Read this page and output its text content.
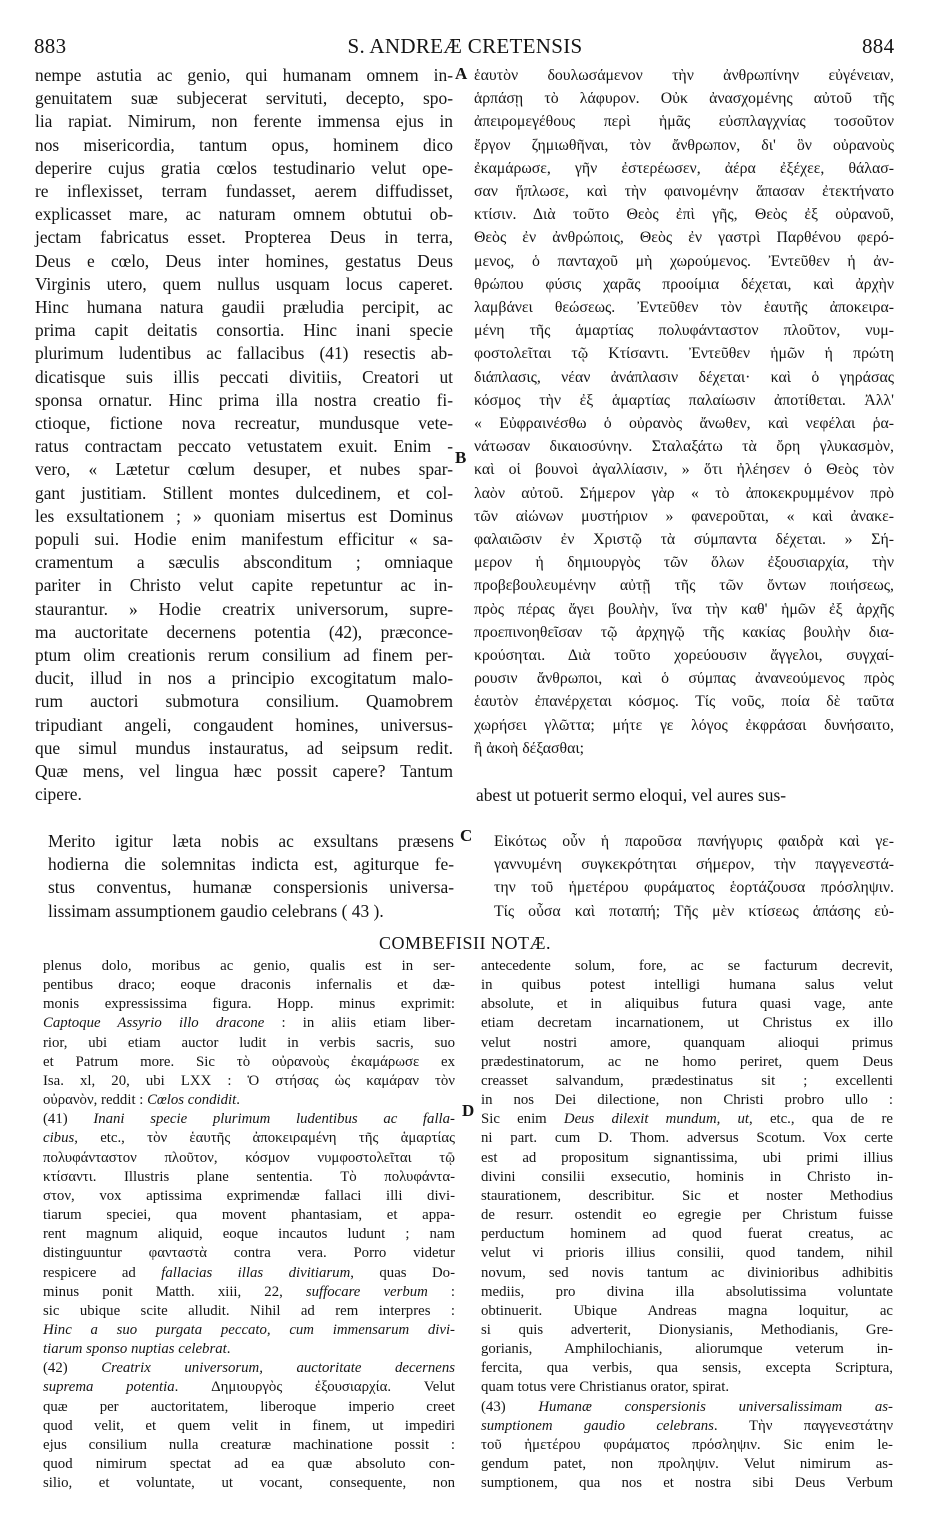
883	S. ANDREÆ CRETENSIS	884
A
B
C
D
nempe astutia ac genio, qui humanam omnem in-
genuitatem suæ subjecerat servituti, decepto, spo-
lia rapiat. Nimirum, non ferente immensa ejus in
nos misericordia, tantum opus, hominem dico
deperire cujus gratia cœlos testudinario velut ope-
re inflexisset, terram fundasset, aerem diffudisset,
explicasset mare, ac naturam omnem obtutui ob-
jectam fabricatus esset. Propterea Deus in terra,
Deus e cœlo, Deus inter homines, gestatus Deus
Virginis utero, quem nullus usquam locus caperet.
Hinc humana natura gaudii præludia percipit, ac
prima capit deitatis consortia. Hinc inani specie
plurimum ludentibus ac fallacibus (41) resectis ab-
dicatisque suis illis peccati divitiis, Creatori ut
sponsa ornatur. Hinc prima illa nostra creatio fi-
ctioque, fictione nova recreatur, mundusque vete-
ratus contractam peccato vetustatem exuit. Enim -
vero, « Lætetur cœlum desuper, et nubes spar-
gant justitiam. Stillent montes dulcedinem, et col-
les exsultationem ; » quoniam misertus est Dominus
populi sui. Hodie enim manifestum efficitur « sa-
cramentum a sæculis absconditum ; omniaque
pariter in Christo velut capite repetuntur ac in-
staurantur. » Hodie creatrix universorum, supre-
ma auctoritate decernens potentia (42), præconce-
ptum olim creationis rerum consilium ad finem per-
ducit, illud in nos a principio excogitatum malo-
rum auctori submotura consilium. Quamobrem
tripudiant angeli, congaudent homines, universus-
que simul mundus instauratus, ad seipsum redit.
Quæ mens, vel lingua hæc possit capere? Tantum
cipere.
ἑαυτὸν δουλωσάμενον τὴν ἀνθρωπίνην εὐγένειαν,
ἁρπάσῃ τὸ λάφυρον. Οὐκ ἀνασχομένης αὐτοῦ τῆς
ἀπειρομεγέθους περὶ ἡμᾶς εὐσπλαγχνίας τοσοῦτον
ἔργον ζημιωθῆναι, τὸν ἄνθρωπον, δι' ὃν οὐρανοὺς
ἐκαμάρωσε, γῆν ἐστερέωσεν, ἀέρα ἐξέχεε, θάλασ-
σαν ἥπλωσε, καὶ τὴν φαινομένην ἅπασαν ἐτεκτήνατο
κτίσιν. Διὰ τοῦτο Θεὸς ἐπὶ γῆς, Θεὸς ἐξ οὐρανοῦ,
Θεὸς ἐν ἀνθρώποις, Θεὸς ἐν γαστρὶ Παρθένου φερό-
μενος, ὁ πανταχοῦ μὴ χωρούμενος. Ἐντεῦθεν ἡ ἀν-
θρώπου φύσις χαρᾶς προοίμια δέχεται, καὶ ἀρχὴν
λαμβάνει θεώσεως. Ἐντεῦθεν τὸν ἑαυτῆς ἀποκειρα-
μένη τῆς ἁμαρτίας πολυφάνταστον πλοῦτον, νυμ-
φοστολεῖται τῷ Κτίσαντι. Ἐντεῦθεν ἡμῶν ἡ πρώτη
διάπλασις, νέαν ἀνάπλασιν δέχεται· καὶ ὁ γηράσας
κόσμος τὴν ἐξ ἁμαρτίας παλαίωσιν ἀποτίθεται. Ἀλλ'
« Εὐφραινέσθω ὁ οὐρανὸς ἄνωθεν, καὶ νεφέλαι ῥα-
νάτωσαν δικαιοσύνην. Σταλαξάτω τὰ ὄρη γλυκασμὸν,
καὶ οἱ βουνοὶ ἀγαλλίασιν, » ὅτι ἠλέησεν ὁ Θεὸς τὸν
λαὸν αὐτοῦ. Σήμερον γὰρ « τὸ ἀποκεκρυμμένον πρὸ
τῶν αἰώνων μυστήριον » φανεροῦται, « καὶ ἀνακε-
φαλαιῶσιν ἐν Χριστῷ τὰ σύμπαντα δέχεται. » Σή-
μερον ἡ δημιουργὸς τῶν ὅλων ἐξουσιαρχία, τὴν
προβεβουλευμένην αὐτῇ τῆς τῶν ὄντων ποιήσεως,
πρὸς πέρας ἄγει βουλὴν, ἵνα τὴν καθ' ἡμῶν ἐξ ἀρχῆς
προεπινοηθεῖσαν τῷ ἀρχηγῷ τῆς κακίας βουλὴν δια-
κρούσηται. Διὰ τοῦτο χορεύουσιν ἄγγελοι, συγχαί-
ρουσιν ἄνθρωποι, καὶ ὁ σύμπας ἀνανεούμενος πρὸς
ἑαυτὸν ἐπανέρχεται κόσμος. Τίς νοῦς, ποία δὲ ταῦτα
χωρήσει γλῶττα; μήτε γε λόγος ἐκφράσαι δυνήσαιτο,
ἢ ἀκοὴ δέξασθαι;
abest ut potuerit sermo eloqui, vel aures sus-
Merito igitur læta nobis ac exsultans præsens
hodierna die solemnitas indicta est, agiturque fe-
stus conventus, humanæ conspersionis universa-
lissimam assumptionem gaudio celebrans ( 43 ).
Εἰκότως οὖν ἡ παροῦσα πανήγυρις φαιδρὰ καὶ γε-
γαννυμένη συγκεκρότηται σήμερον, τὴν παγγενεστά-
την τοῦ ἡμετέρου φυράματος ἑορτάζουσα πρόσληψιν.
Τίς οὖσα καὶ ποταπή; Τῆς μὲν κτίσεως ἁπάσης εὐ-
COMBEFISII NOTÆ.
plenus dolo, moribus ac genio, qualis est in ser-
pentibus draco; eoque draconis infernalis et dæ-
monis expressissima figura. Hopp. minus exprimit:
Captoque Assyrio illo dracone : in aliis etiam liber-
rior, ubi etiam auctor ludit in verbis sacris, suo
et Patrum more. Sic τὸ οὐρανοὺς ἐκαμάρωσε ex
Isa. xl, 20, ubi LXX : Ὁ στήσας ὡς καμάραν τὸν
οὐρανὸν, reddit : Cœlos condidit.
(41) Inani specie plurimum ludentibus ac falla-
cibus, etc., τὸν ἑαυτῆς ἀποκειραμένη τῆς ἁμαρτίας
πολυφάνταστον πλοῦτον, κόσμον νυμφοστολεῖται τῷ
κτίσαντι. Illustris plane sententia. Τὸ πολυφάντα-
στον, vox aptissima exprimendæ fallaci illi divi-
tiarum speciei, qua movent phantasiam, et appa-
rent magnum aliquid, eoque incautos ludunt ; nam
distinguuntur φανταστὰ contra vera. Porro videtur
respicere ad fallacias illas divitiarum, quas Do-
minus ponit Matth. xiii, 22, suffocare verbum :
sic ubique scite alludit. Nihil ad rem interpres :
Hinc a suo purgata peccato, cum immensarum divi-
tiarum sponso nuptias celebrat.
(42) Creatrix universorum, auctoritate decernens
suprema potentia. Δημιουργὸς ἐξουσιαρχία. Velut
quæ per auctoritatem, liberoque imperio creet
quod velit, et quem velit in finem, ut impediri
ejus consilium nulla creaturæ machinatione possit :
quod nimirum spectat ad ea quæ absoluto con-
silio, et voluntate, ut vocant, consequente, non
antecedente solum, fore, ac se facturum decrevit,
in quibus potest intelligi humana salus velut
absolute, et in aliquibus futura quasi vage, ante
etiam decretam incarnationem, ut Christus ex illo
velut nostri amore, quanquam alioqui primus
prædestinatorum, ac ne homo periret, quem Deus
creasset salvandum, prædestinatus sit ; excellenti
in nos Dei dilectione, non Christi probro ullo :
Sic enim Deus dilexit mundum, ut, etc., qua de re
ni part. cum D. Thom. adversus Scotum. Vox certe
est ad propositum signantissima, ubi primi illius
divini consilii exsecutio, hominis in Christo in-
staurationem, describitur. Sic et noster Methodius
de resurr. ostendit eo egregie per Christum fuisse
perductum hominem ad quod fuerat creatus, ac
velut vi prioris illius consilii, quod tandem, nihil
novum, sed novis tantum ac divinioribus adhibitis
mediis, pro divina illa absolutissima voluntate
obtinuerit. Ubique Andreas magna loquitur, ac
si quis adverterit, Dionysianis, Methodianis, Gre-
gorianis, Amphilochianis, aliorumque veterum in-
fercita, qua verbis, qua sensis, excepta Scriptura,
quam totus vere Christianus orator, spirat.
(43) Humanæ conspersionis universalissimam as-
sumptionem gaudio celebrans. Τὴν παγγενεστάτην
τοῦ ἡμετέρου φυράματος πρόσληψιν. Sic enim le-
gendum patet, non προληψιν. Velut nimirum as-
sumptionem, qua nos et nostra sibi Deus Verbum
